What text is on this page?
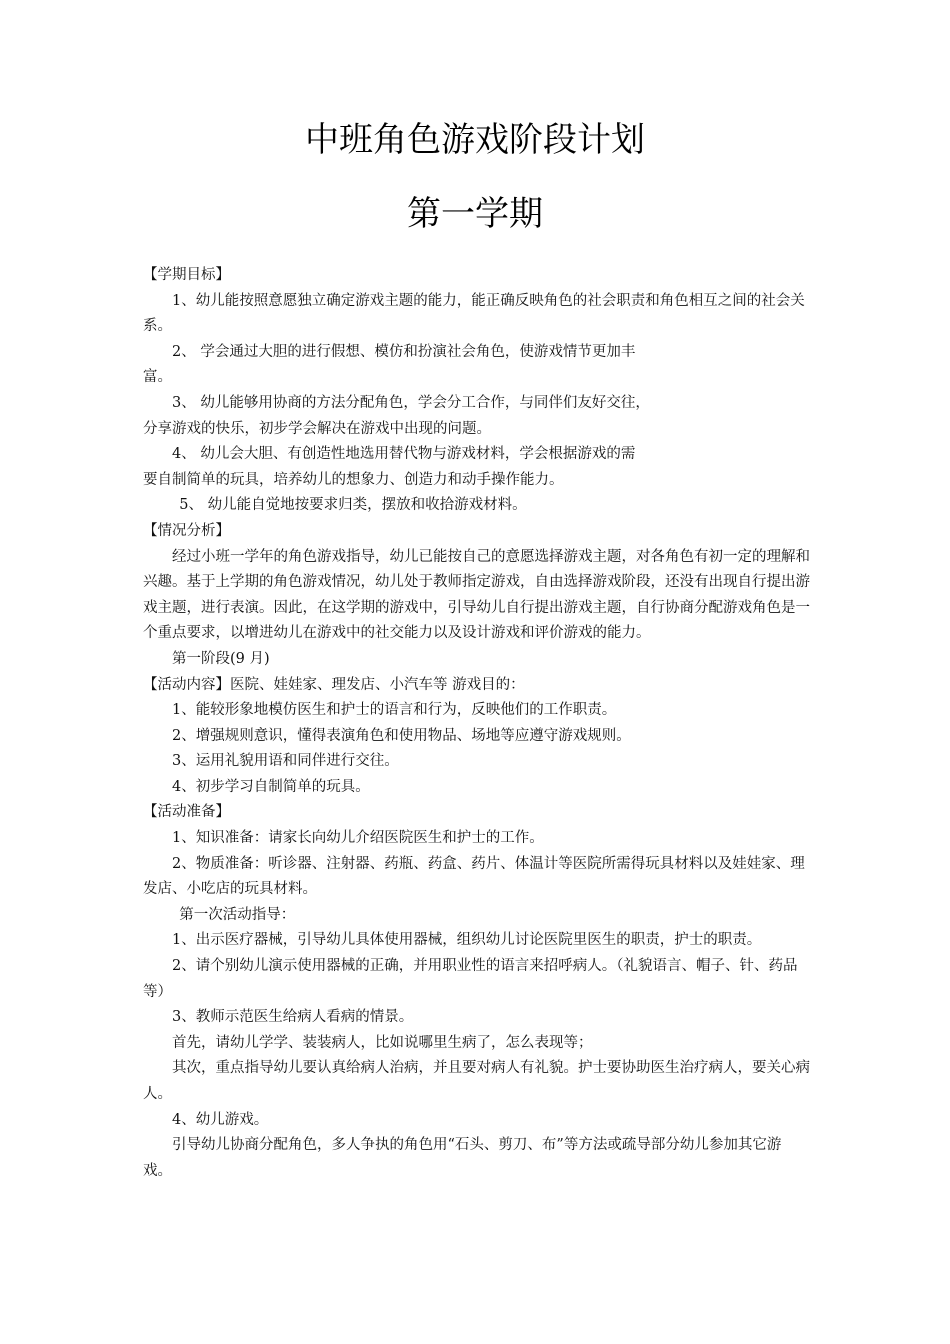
中班角色游戏阶段计划
第一学期

【学期目标】

1、幼儿能按照意愿独立确定游戏主题的能力，能正确反映角色的社会职责和角色相互之间的社会关系。

2、 学会通过大胆的进行假想、模仿和扮演社会角色，使游戏情节更加丰

富。

3、 幼儿能够用协商的方法分配角色，学会分工合作，与同伴们友好交往，

分享游戏的快乐，初步学会解决在游戏中出现的问题。

4、 幼儿会大胆、有创造性地选用替代物与游戏材料，学会根据游戏的需

要自制简单的玩具，培养幼儿的想象力、创造力和动手操作能力。

5、 幼儿能自觉地按要求归类，摆放和收拾游戏材料。

【情况分析】

经过小班一学年的角色游戏指导，幼儿已能按自己的意愿选择游戏主题，对各角色有初一定的理解和兴趣。基于上学期的角色游戏情况，幼儿处于教师指定游戏，自由选择游戏阶段，还没有出现自行提出游戏主题，进行表演。因此，在这学期的游戏中，引导幼儿自行提出游戏主题，自行协商分配游戏角色是一个重点要求，以增进幼儿在游戏中的社交能力以及设计游戏和评价游戏的能力。

第一阶段(9 月)

【活动内容】医院、娃娃家、理发店、小汽车等 游戏目的：

1、能较形象地模仿医生和护士的语言和行为，反映他们的工作职责。

2、增强规则意识，懂得表演角色和使用物品、场地等应遵守游戏规则。

3、运用礼貌用语和同伴进行交往。

4、初步学习自制简单的玩具。

【活动准备】

1、知识准备：请家长向幼儿介绍医院医生和护士的工作。

2、物质准备：听诊器、注射器、药瓶、药盒、药片、体温计等医院所需得玩具材料以及娃娃家、理发店、小吃店的玩具材料。

第一次活动指导：

1、出示医疗器械，引导幼儿具体使用器械，组织幼儿讨论医院里医生的职责，护士的职责。

2、请个别幼儿演示使用器械的正确，并用职业性的语言来招呼病人。（礼貌语言、帽子、针、药品等）

3、教师示范医生给病人看病的情景。

首先，请幼儿学学、装装病人，比如说哪里生病了，怎么表现等；

其次，重点指导幼儿要认真给病人治病，并且要对病人有礼貌。护士要协助医生治疗病人，要关心病人。

4、幼儿游戏。

引导幼儿协商分配角色，多人争执的角色用“石头、剪刀、布”等方法或疏导部分幼儿参加其它游戏。
